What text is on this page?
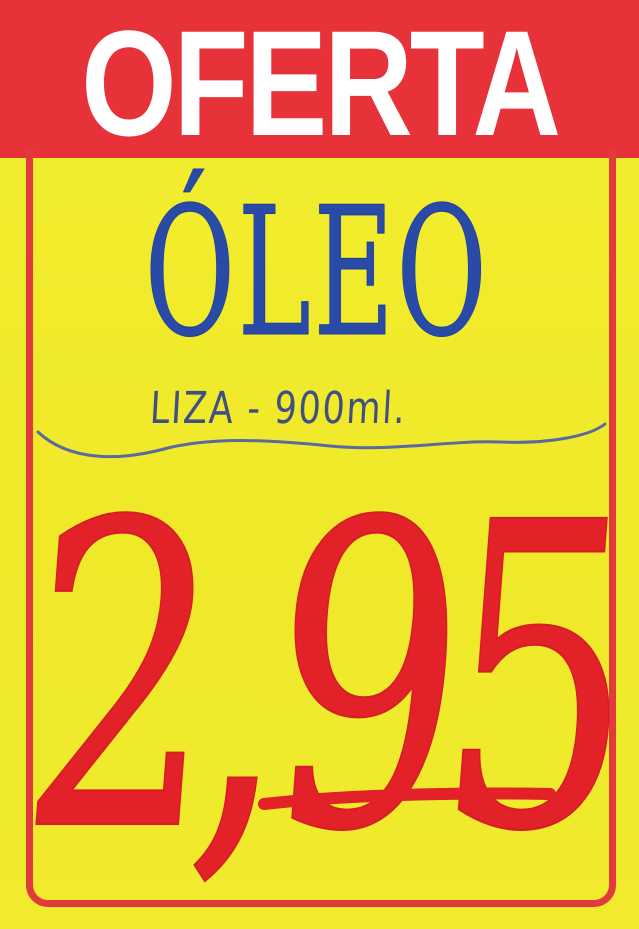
OFERTA
ÓLEO
LIZA - 900ml.
2,95
